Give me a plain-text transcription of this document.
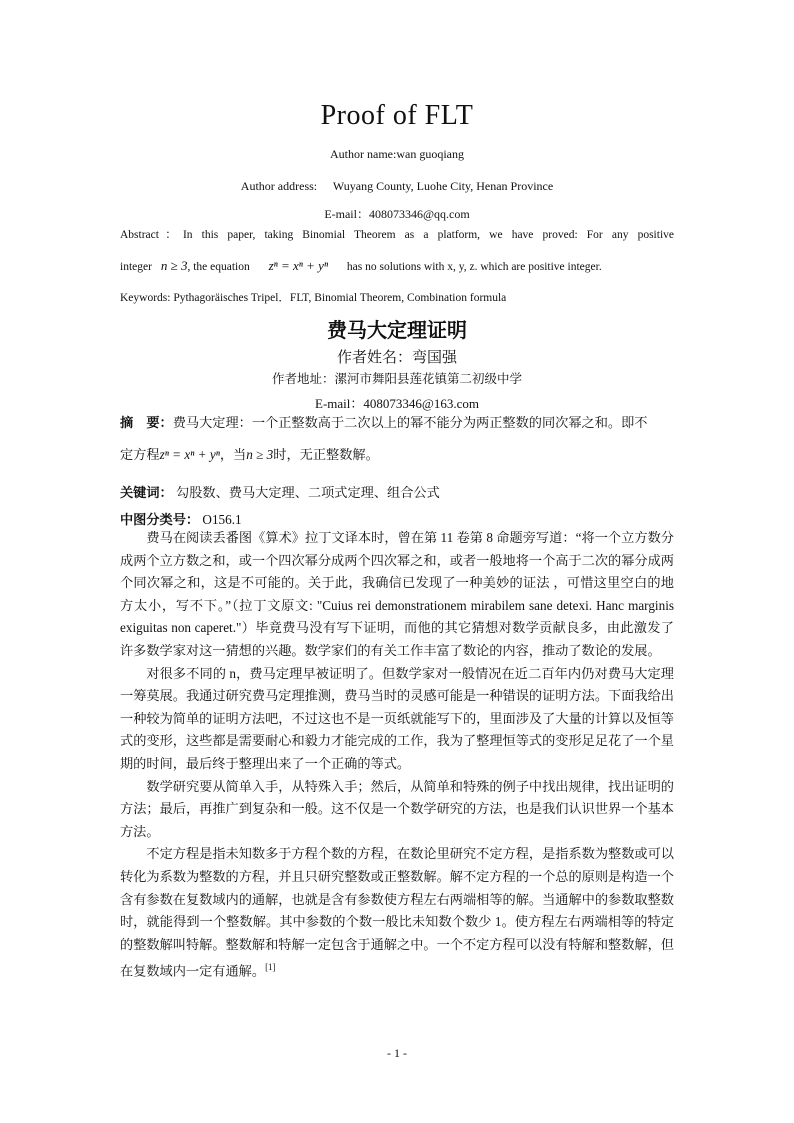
Proof of FLT
Author name:wan guoqiang
Author address: Wuyang County, Luohe City, Henan Province
E-mail：408073346@qq.com
Abstract：In this paper, taking Binomial Theorem as a platform, we have proved: For any positive
integer n ≥ 3, the equation zⁿ = xⁿ + yⁿ has no solutions with x, y, z. which are positive integer.
Keywords: Pythagoräisches Tripel．FLT, Binomial Theorem, Combination formula
费马大定理证明
作者姓名：弯国强
作者地址：漯河市舞阳县莲花镇第二初级中学
E-mail：408073346@163.com
摘　要：费马大定理：一个正整数高于二次以上的幂不能分为两正整数的同次幂之和。即不
定方程zⁿ = xⁿ + yⁿ，当n ≥ 3时，无正整数解。
关键词： 勾股数、费马大定理、二项式定理、组合公式
中图分类号： O156.1

费马在阅读丢番图《算术》拉丁文译本时，曾在第 11 卷第 8 命题旁写道：“将一个立方数分成两个立方数之和，或一个四次幂分成两个四次幂之和，或者一般地将一个高于二次的幂分成两个同次幂之和，这是不可能的。关于此，我确信已发现了一种美妙的证法 ，可惜这里空白的地方太小，写不下。”（拉丁文原文: "Cuius rei demonstrationem mirabilem sane detexi. Hanc marginis exiguitas non caperet."）毕竟费马没有写下证明，而他的其它猜想对数学贡献良多，由此激发了许多数学家对这一猜想的兴趣。数学家们的有关工作丰富了数论的内容，推动了数论的发展。

对很多不同的 n，费马定理早被证明了。但数学家对一般情况在近二百年内仍对费马大定理一筹莫展。我通过研究费马定理推测，费马当时的灵感可能是一种错误的证明方法。下面我给出一种较为简单的证明方法吧，不过这也不是一页纸就能写下的，里面涉及了大量的计算以及恒等式的变形，这些都是需要耐心和毅力才能完成的工作，我为了整理恒等式的变形足足花了一个星期的时间，最后终于整理出来了一个正确的等式。

数学研究要从简单入手，从特殊入手；然后，从简单和特殊的例子中找出规律，找出证明的方法；最后，再推广到复杂和一般。这不仅是一个数学研究的方法，也是我们认识世界一个基本方法。

不定方程是指未知数多于方程个数的方程，在数论里研究不定方程，是指系数为整数或可以转化为系数为整数的方程，并且只研究整数或正整数解。解不定方程的一个总的原则是构造一个含有参数在复数域内的通解，也就是含有参数使方程左右两端相等的解。当通解中的参数取整数时，就能得到一个整数解。其中参数的个数一般比未知数个数少 1。使方程左右两端相等的特定的整数解叫特解。整数解和特解一定包含于通解之中。一个不定方程可以没有特解和整数解，但在复数域内一定有通解。[1]

- 1 -
